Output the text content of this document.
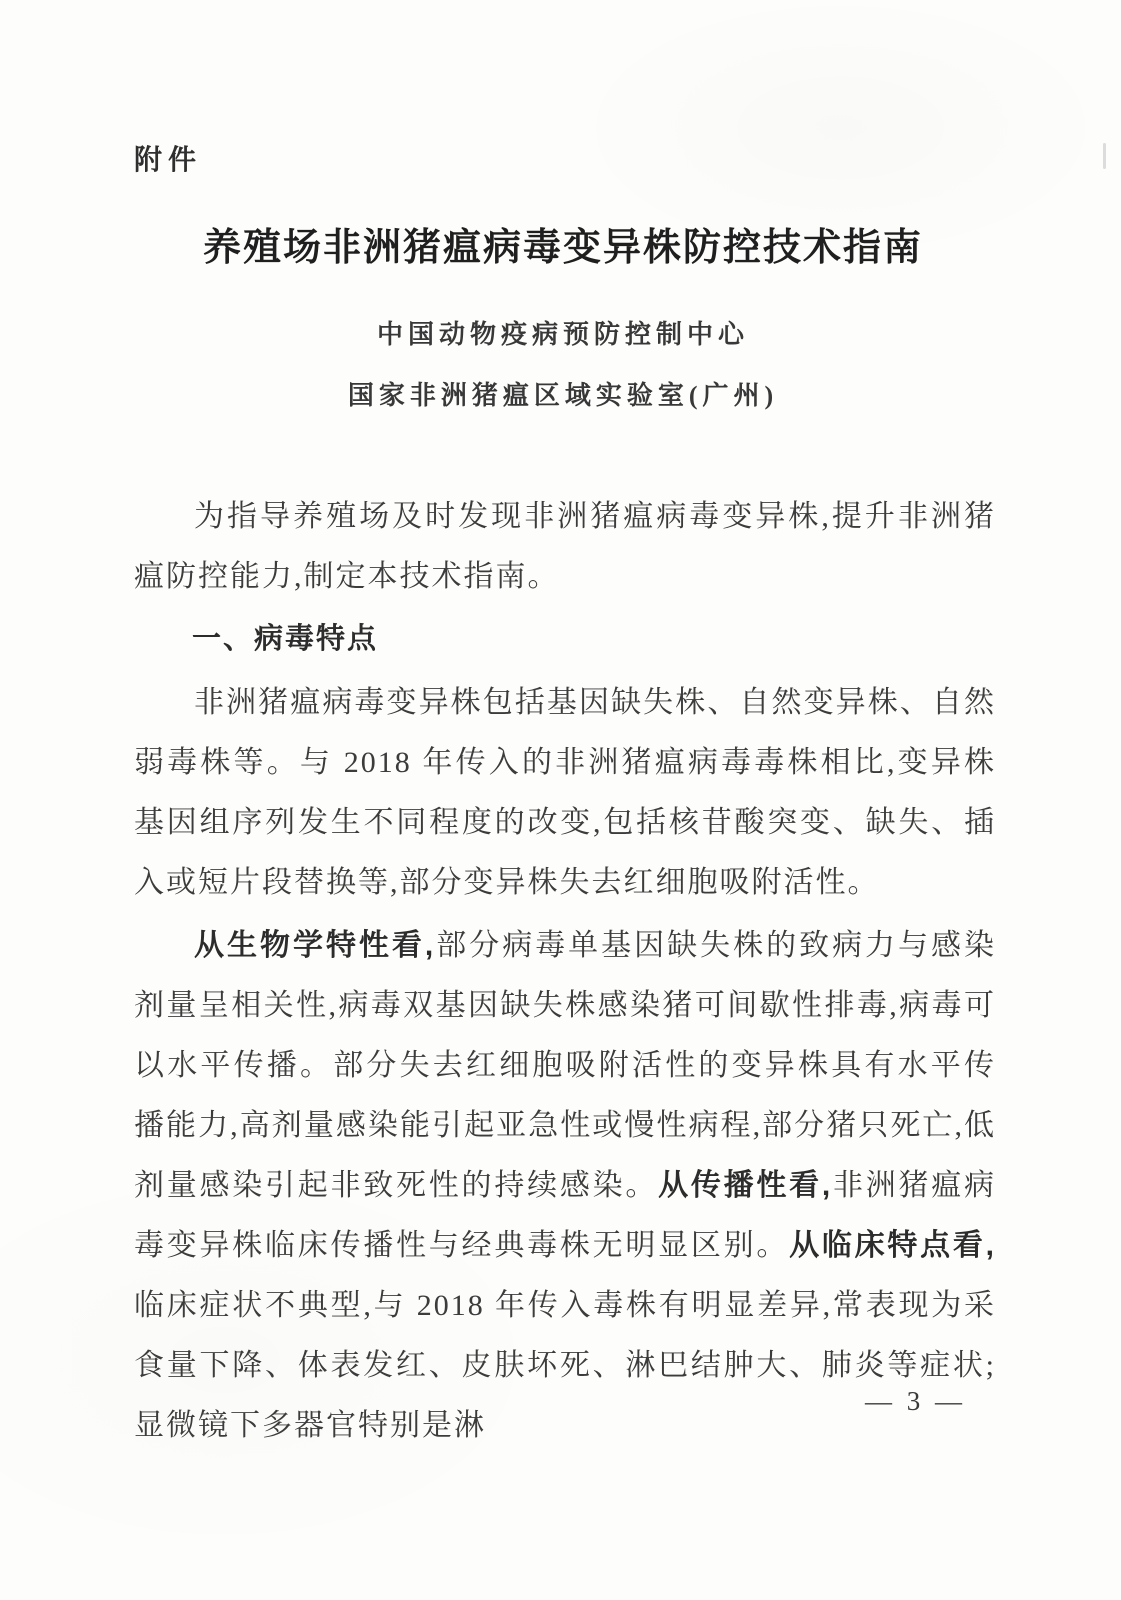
附件
养殖场非洲猪瘟病毒变异株防控技术指南
中国动物疫病预防控制中心
国家非洲猪瘟区域实验室(广州)

为指导养殖场及时发现非洲猪瘟病毒变异株,提升非洲猪瘟防控能力,制定本技术指南。

一、病毒特点

非洲猪瘟病毒变异株包括基因缺失株、自然变异株、自然弱毒株等。与 2018 年传入的非洲猪瘟病毒毒株相比,变异株基因组序列发生不同程度的改变,包括核苷酸突变、缺失、插入或短片段替换等,部分变异株失去红细胞吸附活性。

从生物学特性看,部分病毒单基因缺失株的致病力与感染剂量呈相关性,病毒双基因缺失株感染猪可间歇性排毒,病毒可以水平传播。部分失去红细胞吸附活性的变异株具有水平传播能力,高剂量感染能引起亚急性或慢性病程,部分猪只死亡,低剂量感染引起非致死性的持续感染。从传播性看,非洲猪瘟病毒变异株临床传播性与经典毒株无明显区别。从临床特点看,临床症状不典型,与 2018 年传入毒株有明显差异,常表现为采食量下降、体表发红、皮肤坏死、淋巴结肿大、肺炎等症状;显微镜下多器官特别是淋

— 3 —
